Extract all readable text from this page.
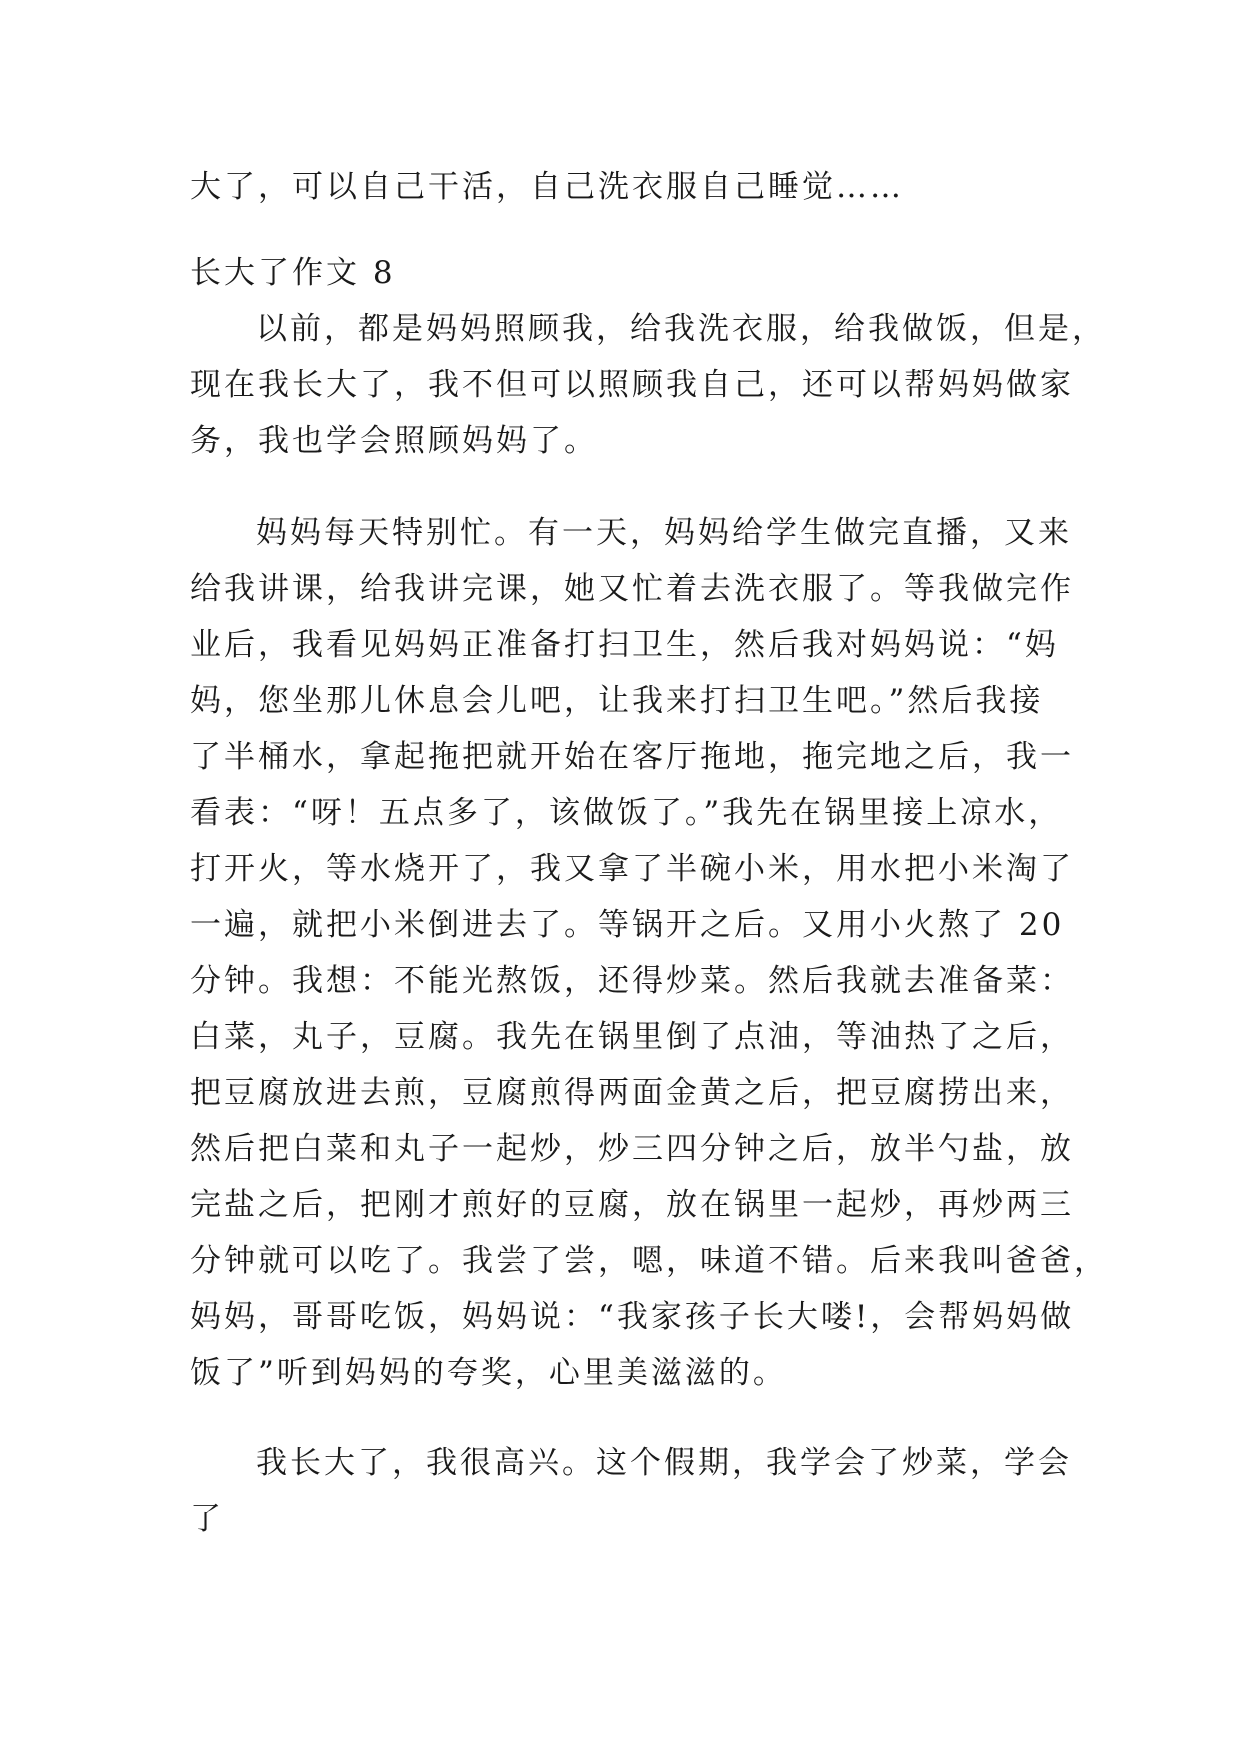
大了，可以自己干活，自己洗衣服自己睡觉……
长大了作文 8
以前，都是妈妈照顾我，给我洗衣服，给我做饭，但是，
现在我长大了，我不但可以照顾我自己，还可以帮妈妈做家
务，我也学会照顾妈妈了。
妈妈每天特别忙。有一天，妈妈给学生做完直播，又来
给我讲课，给我讲完课，她又忙着去洗衣服了。等我做完作
业后，我看见妈妈正准备打扫卫生，然后我对妈妈说：“妈
妈，您坐那儿休息会儿吧，让我来打扫卫生吧。”然后我接
了半桶水，拿起拖把就开始在客厅拖地，拖完地之后，我一
看表：“呀！五点多了，该做饭了。”我先在锅里接上凉水，
打开火，等水烧开了，我又拿了半碗小米，用水把小米淘了
一遍，就把小米倒进去了。等锅开之后。又用小火熬了 20
分钟。我想：不能光熬饭，还得炒菜。然后我就去准备菜：
白菜，丸子，豆腐。我先在锅里倒了点油，等油热了之后，
把豆腐放进去煎，豆腐煎得两面金黄之后，把豆腐捞出来，
然后把白菜和丸子一起炒，炒三四分钟之后，放半勺盐，放
完盐之后，把刚才煎好的豆腐，放在锅里一起炒，再炒两三
分钟就可以吃了。我尝了尝，嗯，味道不错。后来我叫爸爸，
妈妈，哥哥吃饭，妈妈说：“我家孩子长大喽!，会帮妈妈做
饭了”听到妈妈的夸奖，心里美滋滋的。
我长大了，我很高兴。这个假期，我学会了炒菜，学会
了
